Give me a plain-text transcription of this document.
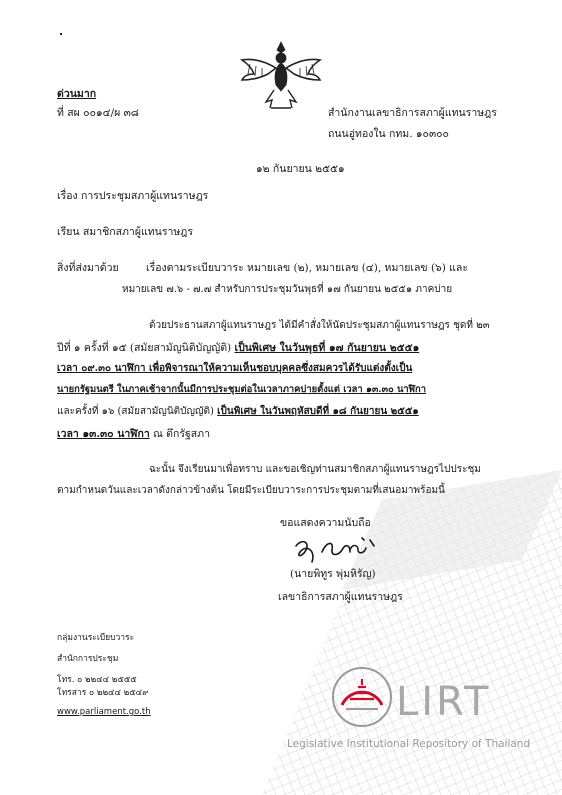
ด่วนมาก
ที่ สผ ๐๐๑๔/ผ ๓๘	สำนักงานเลขาธิการสภาผู้แทนราษฎร
ถนนอู่ทองใน กทม. ๑๐๓๐๐
๑๒ กันยายน ๒๕๕๑
เรื่อง การประชุมสภาผู้แทนราษฎร
เรียน สมาชิกสภาผู้แทนราษฎร
สิ่งที่ส่งมาด้วย	เรื่องตามระเบียบวาระ หมายเลข (๒), หมายเลข (๔), หมายเลข (๖) และ
หมายเลข ๗.๖ - ๗.๗ สำหรับการประชุมวันพุธที่ ๑๗ กันยายน ๒๕๕๑ ภาคบ่าย
ด้วยประธานสภาผู้แทนราษฎร ได้มีคำสั่งให้นัดประชุมสภาผู้แทนราษฎร ชุดที่ ๒๓
ปีที่ ๑ ครั้งที่ ๑๕ (สมัยสามัญนิติบัญญัติ) เป็นพิเศษ ในวันพุธที่ ๑๗ กันยายน ๒๕๕๑
เวลา ๐๙.๓๐ นาฬิกา เพื่อพิจารณาให้ความเห็นชอบบุคคลซึ่งสมควรได้รับแต่งตั้งเป็น
นายกรัฐมนตรี ในภาคเช้าจากนั้นมีการประชุมต่อในเวลาภาคบ่ายตั้งแต่ เวลา ๑๓.๓๐ นาฬิกา
และครั้งที่ ๑๖ (สมัยสามัญนิติบัญญัติ) เป็นพิเศษ ในวันพฤหัสบดีที่ ๑๘ กันยายน ๒๕๕๑
เวลา ๑๓.๓๐ นาฬิกา ณ ตึกรัฐสภา
ฉะนั้น จึงเรียนมาเพื่อทราบ และขอเชิญท่านสมาชิกสภาผู้แทนราษฎรไปประชุม
ตามกำหนดวันและเวลาดังกล่าวข้างต้น โดยมีระเบียบวาระการประชุมตามที่เสนอมาพร้อมนี้
ขอแสดงความนับถือ
(นายพิทูร พุ่มหิรัญ)
เลขาธิการสภาผู้แทนราษฎร
กลุ่มงานระเบียบวาระ
สำนักการประชุม
โทร. ๐ ๒๒๔๔ ๒๕๕๕
โทรสาร ๐ ๒๒๔๔ ๒๕๔๙
www.parliament.go.th	LIRT
Legislative Institutional Repository of Thailand
